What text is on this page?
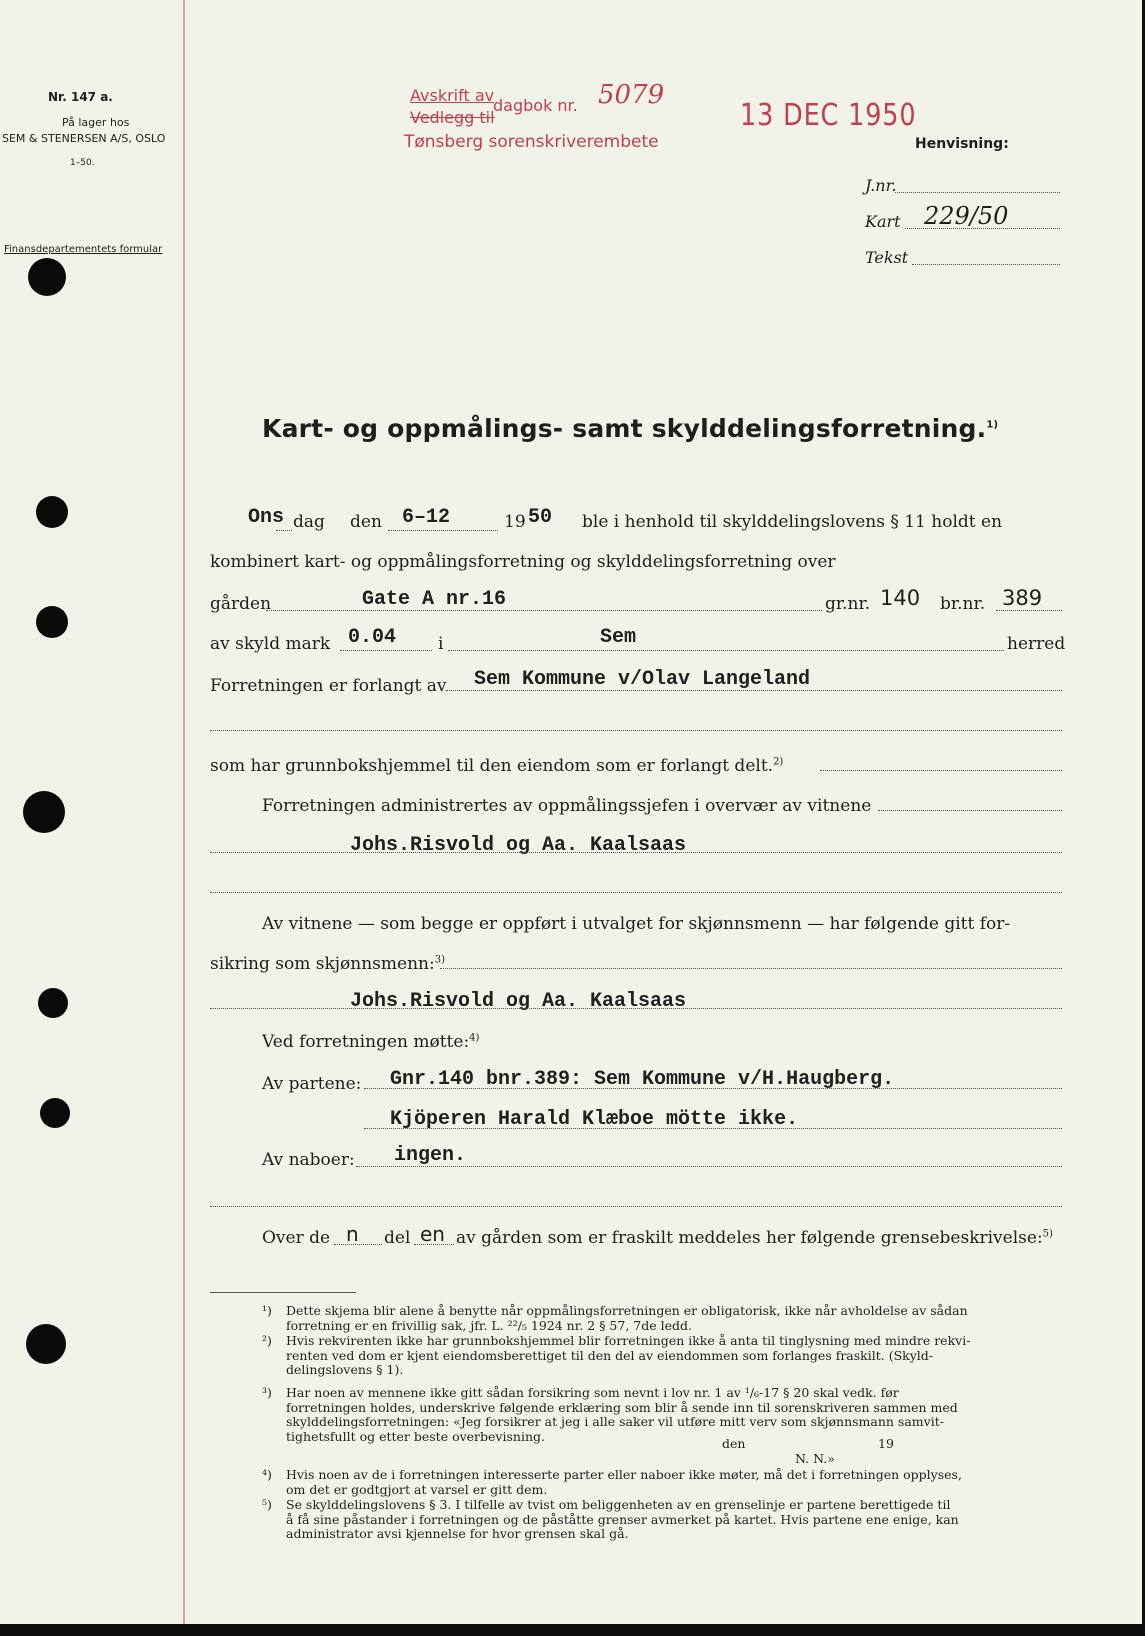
Nr. 147 a.
På lager hos
SEM & STENERSEN A/S, OSLO
1–50.
Finansdepartementets formular
Avskrift av
Vedlegg til
dagbok nr. 5079
Tønsberg sorenskriverembete
13 DEC 1950
Henvisning:
J.nr.
Kart 229/50
Tekst
Kart- og oppmålings- samt skylddelingsforretning.$^{1)}$
Ons dag den 6–12	19 50 ble i henhold til skylddelingslovens § 11 holdt en
kombinert kart- og oppmålingsforretning og skylddelingsforretning over
gården	Gate A nr.16	gr.nr. 140 br.nr. 389
av skyld mark 0.04 i	Sem	herred
Forretningen er forlangt av Sem Kommune v/Olav Langeland
som har grunnbokshjemmel til den eiendom som er forlangt delt.$^{2)}$
Forretningen administrertes av oppmålingssjefen i overvær av vitnene
Johs.Risvold og Aa. Kaalsaas
Av vitnene — som begge er oppført i utvalget for skjønnsmenn — har følgende gitt for-
sikring som skjønnsmenn:$^{3)}$
Johs.Risvold og Aa. Kaalsaas
Ved forretningen møtte:$^{4)}$
Av partene: Gnr.140 bnr.389: Sem Kommune v/H.Haugberg.
Kjöperen Harald Klæboe mötte ikke.
Av naboer: ingen.
Over de n del en av gården som er fraskilt meddeles her følgende grensebeskrivelse:$^{5)}$
¹) Dette skjema blir alene å benytte når oppmålingsforretningen er obligatorisk, ikke når avholdelse av sådan
forretning er en frivillig sak, jfr. L. ²²/₅ 1924 nr. 2 § 57, 7de ledd.
²) Hvis rekvirenten ikke har grunnbokshjemmel blir forretningen ikke å anta til tinglysning med mindre rekvi-
renten ved dom er kjent eiendomsberettiget til den del av eiendommen som forlanges fraskilt. (Skyld-
delingslovens § 1).
³) Har noen av mennene ikke gitt sådan forsikring som nevnt i lov nr. 1 av ¹/₆-17 § 20 skal vedk. før
forretningen holdes, underskrive følgende erklæring som blir å sende inn til sorenskriveren sammen med
skylddelingsforretningen: «Jeg forsikrer at jeg i alle saker vil utføre mitt verv som skjønnsmann samvit-
tighetsfullt og etter beste overbevisning.	den	19
N. N.»
⁴) Hvis noen av de i forretningen interesserte parter eller naboer ikke møter, må det i forretningen opplyses,
om det er godtgjort at varsel er gitt dem.
⁵) Se skylddelingslovens § 3. I tilfelle av tvist om beliggenheten av en grenselinje er partene berettigede til
å få sine påstander i forretningen og de påståtte grenser avmerket på kartet. Hvis partene ene enige, kan
administrator avsi kjennelse for hvor grensen skal gå.
